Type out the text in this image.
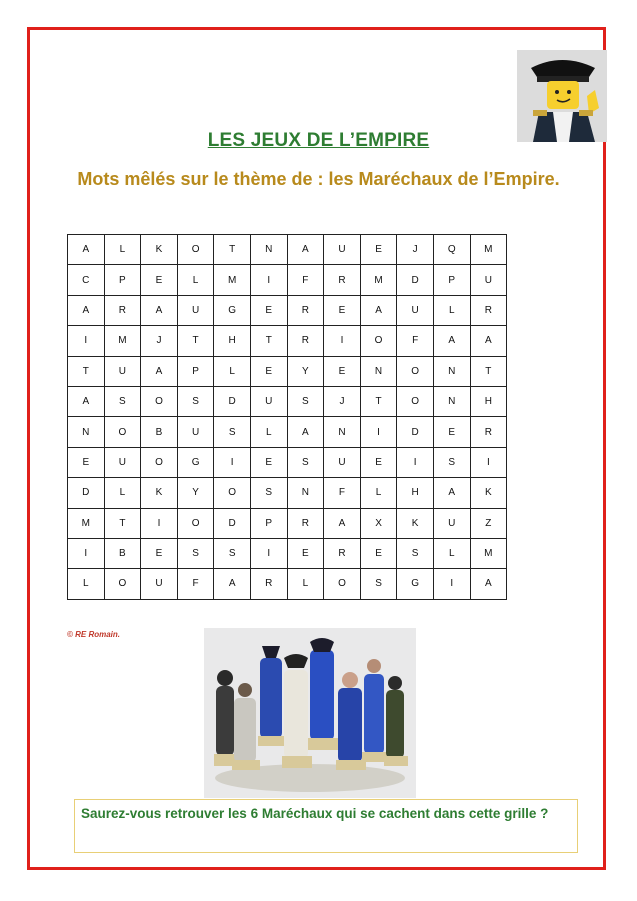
LES JEUX DE L’EMPIRE
Mots mêlés sur le thème de : les Maréchaux de l’Empire.
A	L	K	O	T	N	A	U	E	J	Q	M
C	P	E	L	M	I	F	R	M	D	P	U
A	R	A	U	G	E	R	E	A	U	L	R
I	M	J	T	H	T	R	I	O	F	A	A
T	U	A	P	L	E	Y	E	N	O	N	T
A	S	O	S	D	U	S	J	T	O	N	H
N	O	B	U	S	L	A	N	I	D	E	R
E	U	O	G	I	E	S	U	E	I	S	I
D	L	K	Y	O	S	N	F	L	H	A	K
M	T	I	O	D	P	R	A	X	K	U	Z
I	B	E	S	S	I	E	R	E	S	L	M
L	O	U	F	A	R	L	O	S	G	I	A
© RE Romain.
Saurez-vous retrouver les 6 Maréchaux qui se cachent dans cette grille ?
